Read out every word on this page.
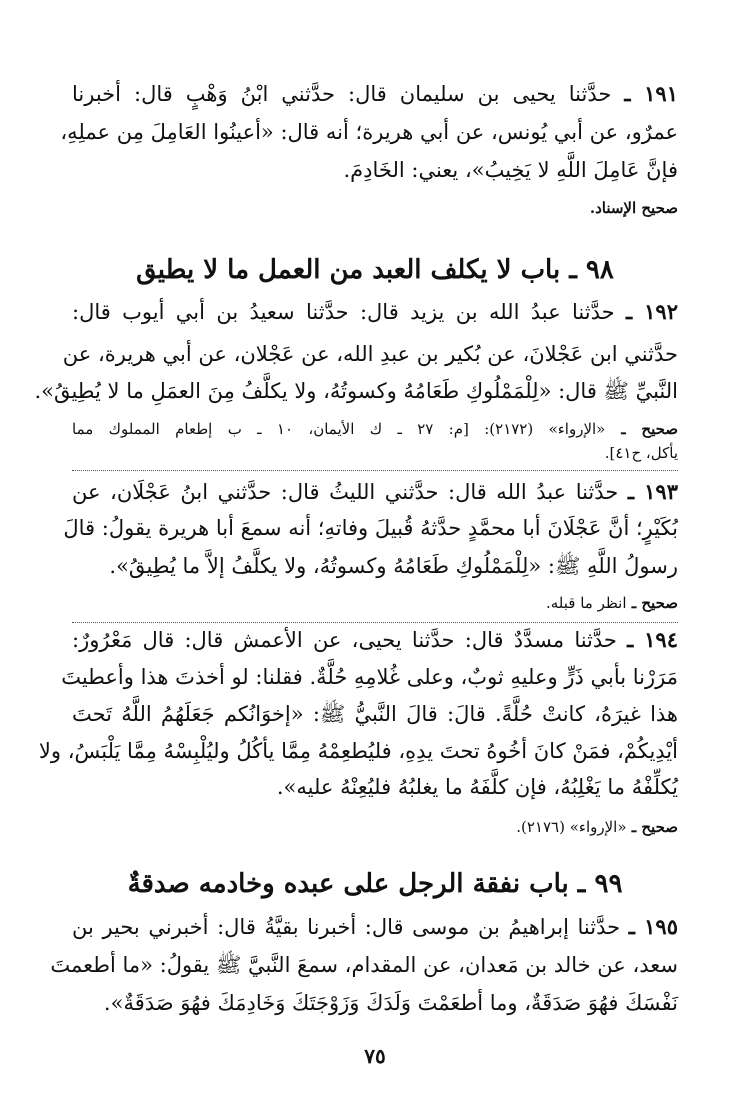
١٩١ ـ حدَّثنا يحيى بن سليمان قال: حدَّثني ابْنُ وَهْبٍ قال: أخبرنا
عمرٌو، عن أبي يُونس، عن أبي هريرة؛ أنه قال: «أعينُوا العَامِلَ مِن عملِهِ،
فإنَّ عَامِلَ اللَّهِ لا يَخِيبُ»، يعني: الخَادِمَ.
صحيح الإسناد.
٩٨ ـ باب لا يكلف العبد من العمل ما لا يطيق
١٩٢ ـ حدَّثنا عبدُ الله بن يزيد قال: حدَّثنا سعيدُ بن أبي أيوب قال:
حدَّثني ابن عَجْلانَ، عن بُكير بن عبدِ الله، عن عَجْلان، عن أبي هريرة، عن
النَّبيِّ ﷺ قال: «لِلْمَمْلُوكِ طَعَامُهُ وكسوتُهُ، ولا يكلَّفُ مِنَ العمَلِ ما لا يُطِيقُ».
صحيح ـ «الإرواء» (٢١٧٢): [م: ٢٧ ـ ك الأيمان، ١٠ ـ ب إطعام المملوك مما
يأكل، ح٤١].
١٩٣ ـ حدَّثنا عبدُ الله قال: حدَّثني الليثُ قال: حدَّثني ابنُ عَجْلَان، عن
بُكَيْرٍ؛ أنَّ عَجْلَانَ أبا محمَّدٍ حدَّثهُ قُبيلَ وفاتهِ؛ أنه سمعَ أبا هريرة يقولُ: قالَ
رسولُ اللَّهِ ﷺ: «لِلْمَمْلُوكِ طَعَامُهُ وكسوتُهُ، ولا يكلَّفُ إلاَّ ما يُطِيقُ».
صحيح ـ انظر ما قبله.
١٩٤ ـ حدَّثنا مسدَّدٌ قال: حدَّثنا يحيى، عن الأعمش قال: قال مَعْرُورٌ:
مَرَرْنا بأبي ذَرٍّ وعليهِ ثوبٌ، وعلى غُلامِهِ حُلَّةٌ. فقلنا: لو أخذتَ هذا وأعطيتَ
هذا غيرَهُ، كانتْ حُلَّةً. قالَ: قالَ النَّبيُّ ﷺ: «إخوَانُكم جَعَلَهُمُ اللَّهُ تَحتَ
أيْدِيكُمْ، فمَنْ كانَ أخُوهُ تحتَ يدِهِ، فليُطعِمْهُ مِمَّا يأكُلُ وليُلْبِسْهُ مِمَّا يَلْبَسُ، ولا
يُكلِّفْهُ ما يَغْلِبُهُ، فإن كلَّفَهُ ما يغلبُهُ فليُعِنْهُ عليه».
صحيح ـ «الإرواء» (٢١٧٦).
٩٩ ـ باب نفقة الرجل على عبده وخادمه صدقةٌ
١٩٥ ـ حدَّثنا إبراهيمُ بن موسى قال: أخبرنا بقيَّةُ قال: أخبرني بحير بن
سعد، عن خالد بن مَعدان، عن المقدام، سمعَ النَّبيَّ ﷺ يقولُ: «ما أطعمتَ
نَفْسَكَ فهُوَ صَدَقَةٌ، وما أطعَمْتَ وَلَدَكَ وَزَوْجَتَكَ وَخَادِمَكَ فهُوَ صَدَقَةٌ».
٧٥
